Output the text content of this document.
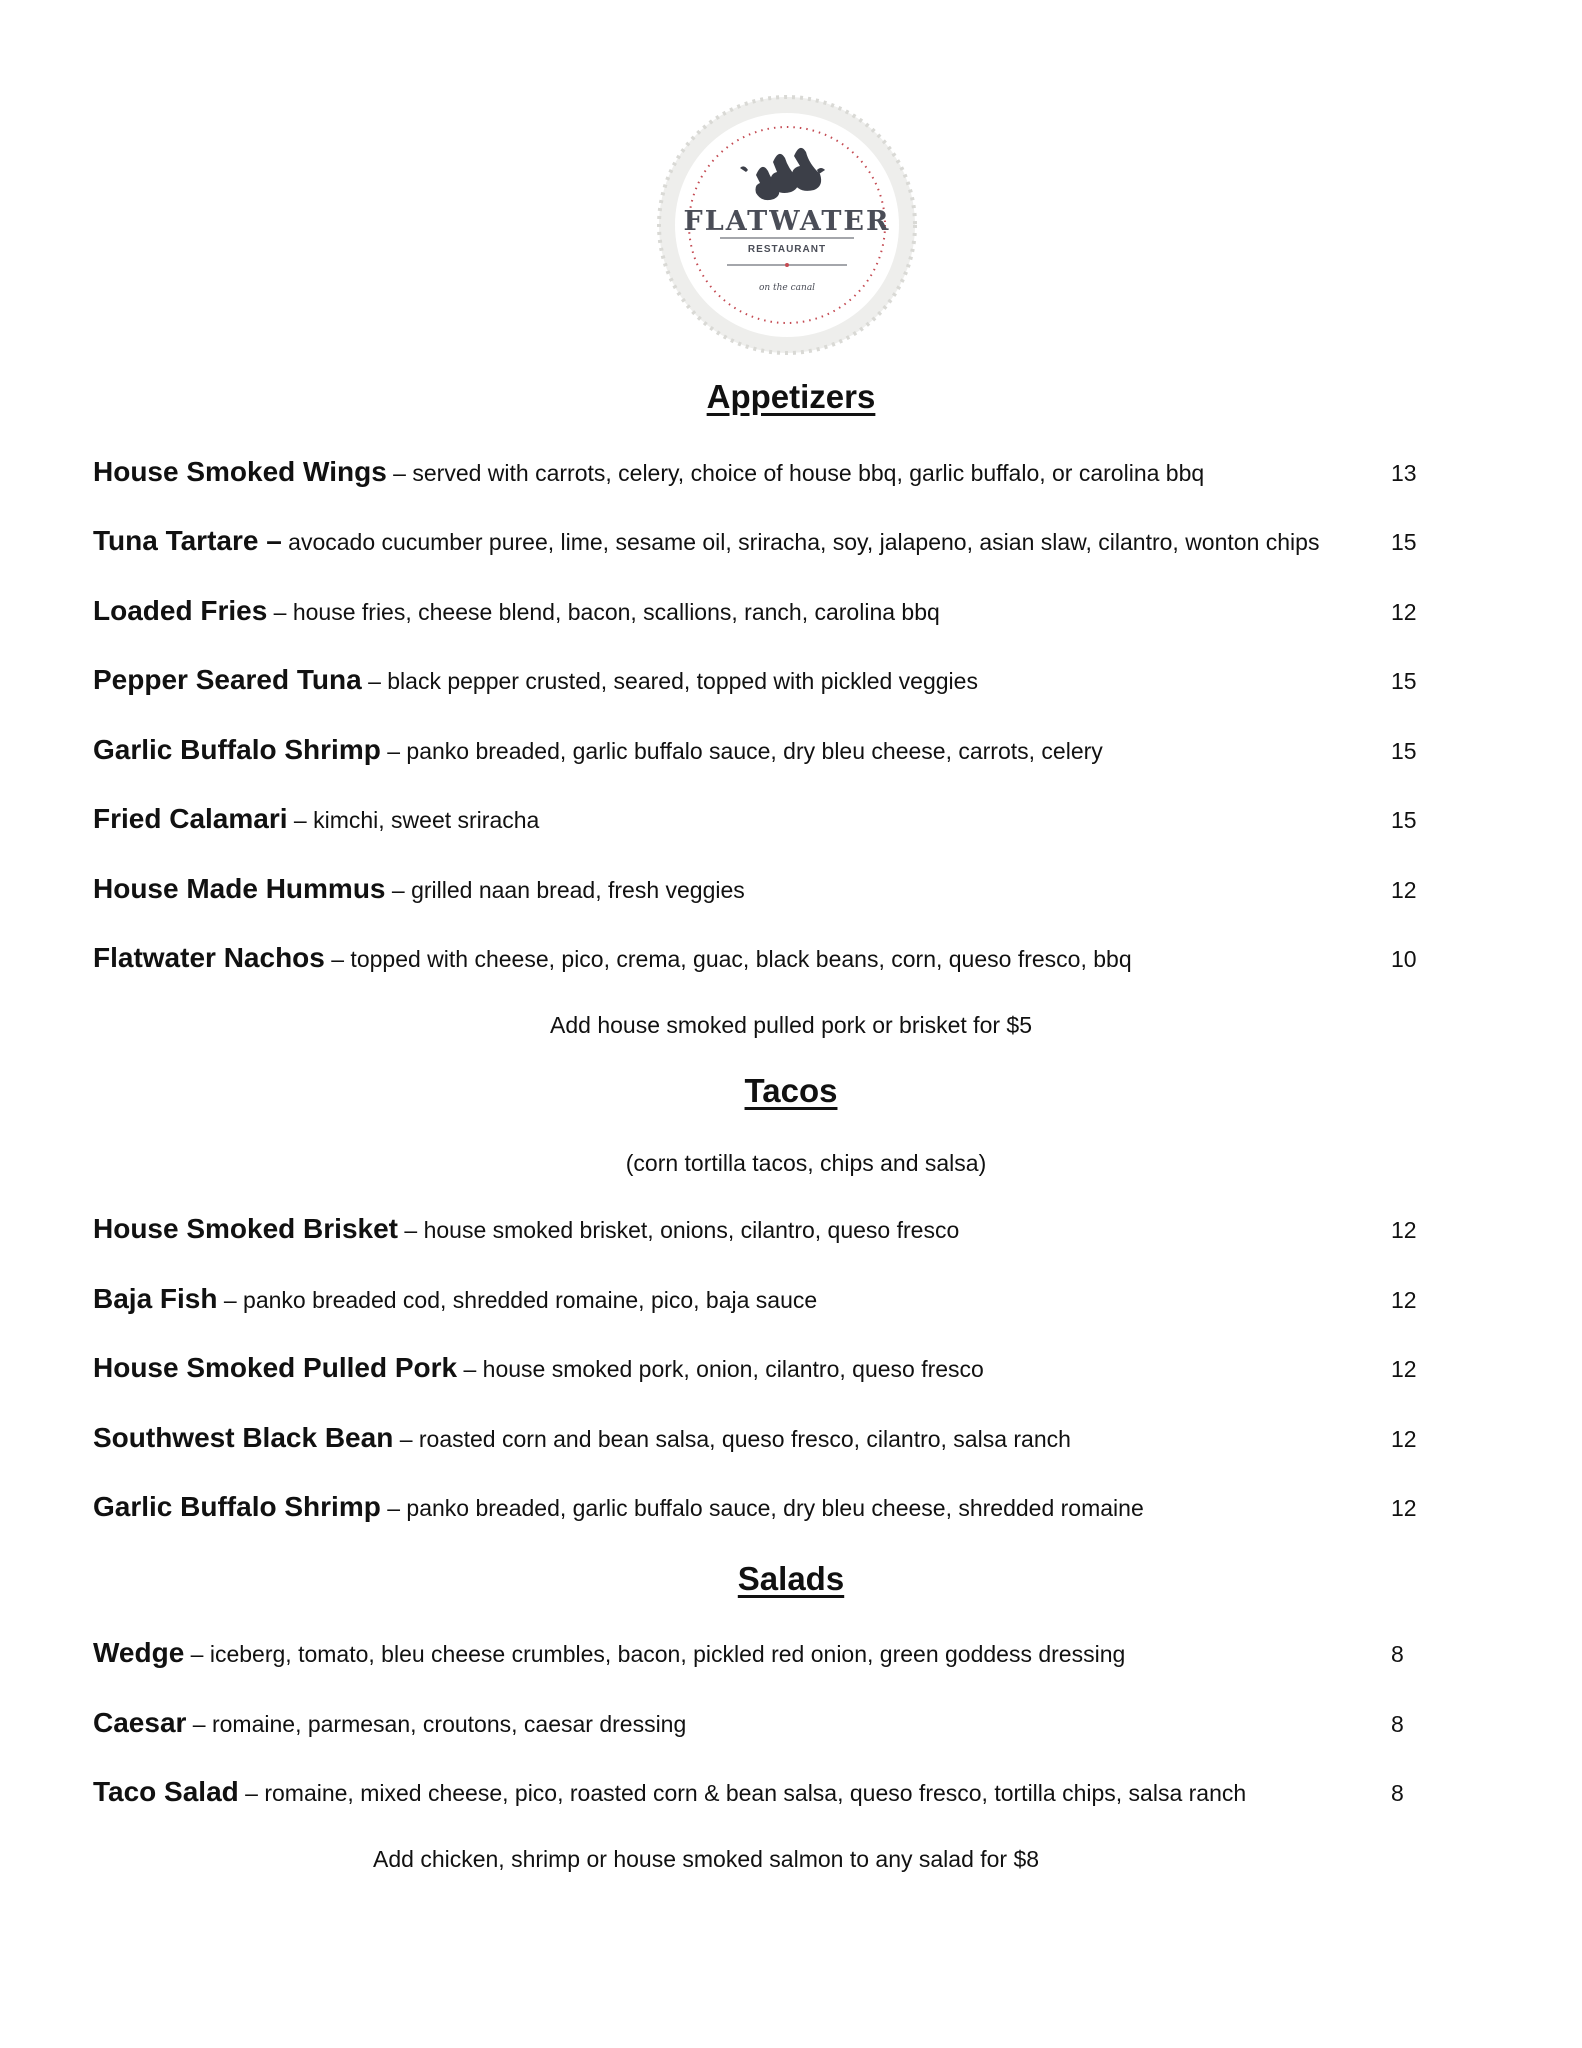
FLATWATER
RESTAURANT
on the canal
Appetizers
House Smoked Wings – served with carrots, celery, choice of house bbq, garlic buffalo, or carolina bbq	13
Tuna Tartare – avocado cucumber puree, lime, sesame oil, sriracha, soy, jalapeno, asian slaw, cilantro, wonton chips	15
Loaded Fries – house fries, cheese blend, bacon, scallions, ranch, carolina bbq	12
Pepper Seared Tuna – black pepper crusted, seared, topped with pickled veggies	15
Garlic Buffalo Shrimp – panko breaded, garlic buffalo sauce, dry bleu cheese, carrots, celery	15
Fried Calamari – kimchi, sweet sriracha	15
House Made Hummus – grilled naan bread, fresh veggies	12
Flatwater Nachos – topped with cheese, pico, crema, guac, black beans, corn, queso fresco, bbq	10
Add house smoked pulled pork or brisket for $5
Tacos
(corn tortilla tacos, chips and salsa)
House Smoked Brisket – house smoked brisket, onions, cilantro, queso fresco	12
Baja Fish – panko breaded cod, shredded romaine, pico, baja sauce	12
House Smoked Pulled Pork – house smoked pork, onion, cilantro, queso fresco	12
Southwest Black Bean – roasted corn and bean salsa, queso fresco, cilantro, salsa ranch	12
Garlic Buffalo Shrimp – panko breaded, garlic buffalo sauce, dry bleu cheese, shredded romaine	12
Salads
Wedge – iceberg, tomato, bleu cheese crumbles, bacon, pickled red onion, green goddess dressing	8
Caesar – romaine, parmesan, croutons, caesar dressing	8
Taco Salad – romaine, mixed cheese, pico, roasted corn & bean salsa, queso fresco, tortilla chips, salsa ranch	8
Add chicken, shrimp or house smoked salmon to any salad for $8
